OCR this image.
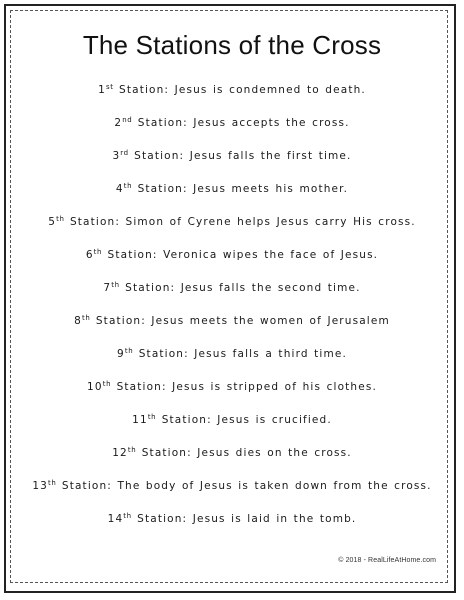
The Stations of the Cross
1st Station: Jesus is condemned to death.
2nd Station: Jesus accepts the cross.
3rd Station: Jesus falls the first time.
4th Station: Jesus meets his mother.
5th Station: Simon of Cyrene helps Jesus carry His cross.
6th Station: Veronica wipes the face of Jesus.
7th Station: Jesus falls the second time.
8th Station: Jesus meets the women of Jerusalem
9th Station: Jesus falls a third time.
10th Station: Jesus is stripped of his clothes.
11th Station: Jesus is crucified.
12th Station: Jesus dies on the cross.
13th Station: The body of Jesus is taken down from the cross.
14th Station: Jesus is laid in the tomb.
© 2018 - RealLifeAtHome.com
